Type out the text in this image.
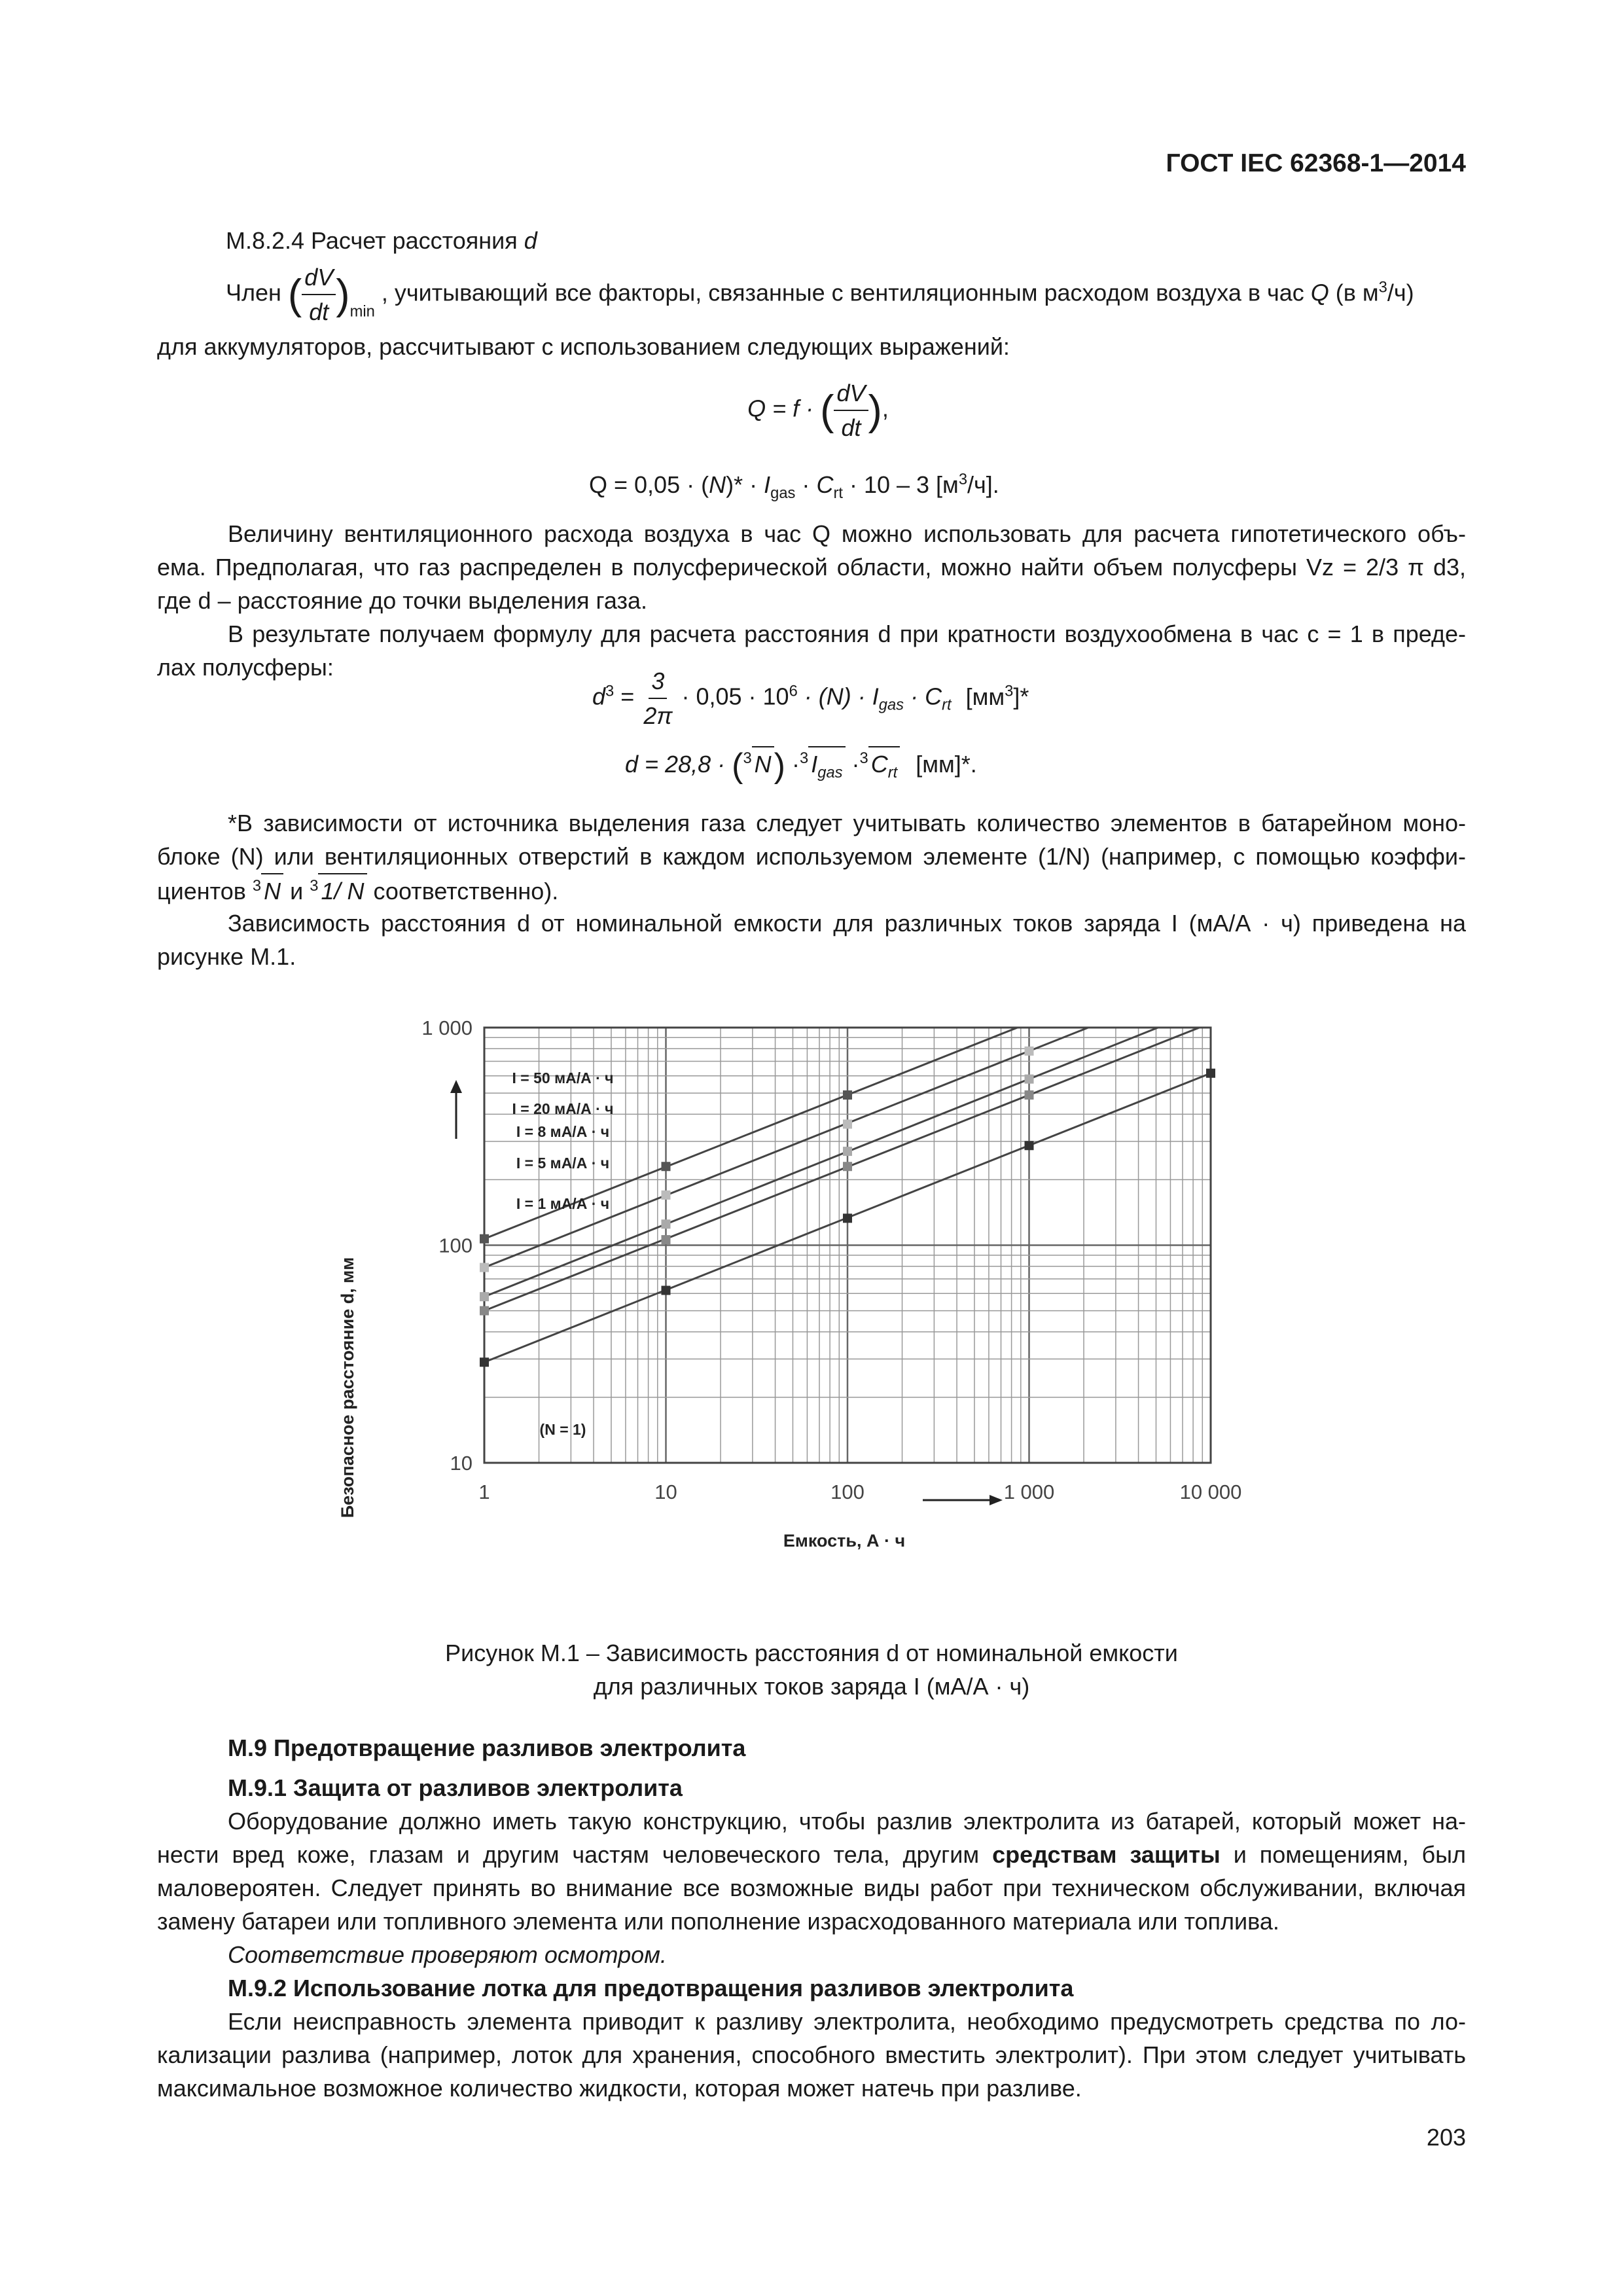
ГОСТ IEC 62368-1—2014
М.8.2.4 Расчет расстояния d
Член ( $\frac{dV}{dt} )_{min}$ , учитывающий все факторы, связанные с вентиляционным расходом воздуха в час Q (в $м^3/ч$)
для аккумуляторов, рассчитывают с использованием следующих выражений:
Q = f · ( $\frac{dV}{dt}$ ),
$Q = 0,05 \cdot (N)* \cdot I_{gas} \cdot C_{rt} \cdot 10 - 3$ $[м^3/ч]$.
Величину вентиляционного расхода воздуха в час Q можно использовать для расчета гипотетического объ-
ема. Предполагая, что газ распределен в полусферической области, можно найти объем полусферы Vz = 2/3 π d3,
где d – расстояние до точки выделения газа.
В результате получаем формулу для расчета расстояния d при кратности воздухообмена в час c = 1 в преде-
лах полусферы:
$d^3 = \frac{3}{2\pi} \cdot 0,05 \cdot 10^6 \cdot (N) \cdot I_{gas} \cdot C_{rt}$ $[мм^3]*$
d = 28,8 · ($^3$ N) ·$^3$ $I_{gas} \cdot^3$ $C_{rt}$ [мм]*.
*В зависимости от источника выделения газа следует учитывать количество элементов в батарейном моно-
блоке (N) или вентиляционных отверстий в каждом используемом элементе (1/N) (например, с помощью коэффи-
циентов $^3$ N и $^3$ 1/ N соответственно).
Зависимость расстояния d от номинальной емкости для различных токов заряда I (мА/А · ч) приведена на
рисунке М.1.
1	10	100	1 000	10 000
10
100
1 000
Безопасное расстояние d, мм
Емкость, А · ч
(N = 1)
I = 50 мА/А · ч
I = 20 мА/А · ч
I = 8 мА/А · ч
I = 5 мА/А · ч
I = 1 мА/А · ч
Рисунок М.1 – Зависимость расстояния d от номинальной емкости
для различных токов заряда I (мА/А · ч)
М.9 Предотвращение разливов электролита
М.9.1 Защита от разливов электролита
Оборудование должно иметь такую конструкцию, чтобы разлив электролита из батарей, который может на-
нести вред коже, глазам и другим частям человеческого тела, другим средствам защиты и помещениям, был
маловероятен. Следует принять во внимание все возможные виды работ при техническом обслуживании, включая
замену батареи или топливного элемента или пополнение израсходованного материала или топлива.
Соответствие проверяют осмотром.
М.9.2 Использование лотка для предотвращения разливов электролита
Если неисправность элемента приводит к разливу электролита, необходимо предусмотреть средства по ло-
кализации разлива (например, лоток для хранения, способного вместить электролит). При этом следует учитывать
максимальное возможное количество жидкости, которая может натечь при разливе.
203
